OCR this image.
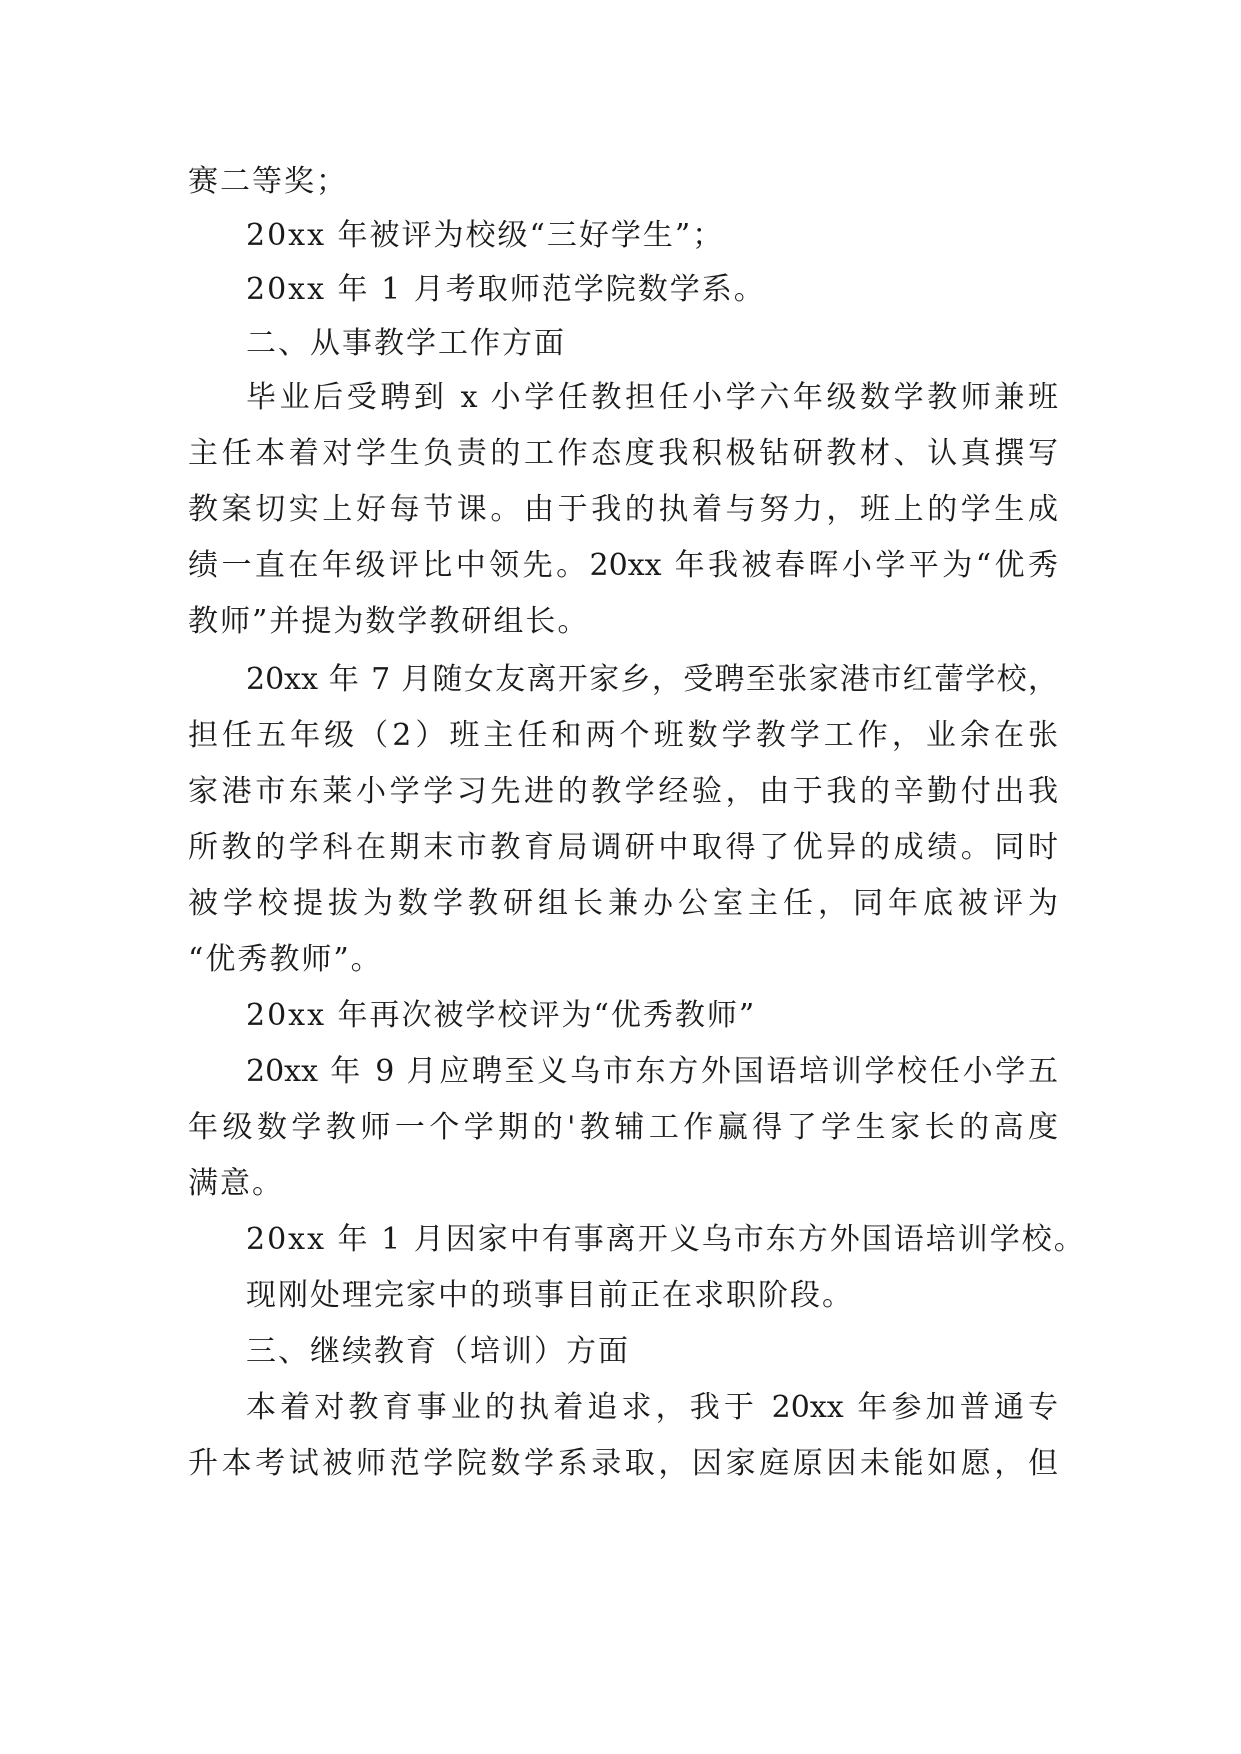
赛二等奖；
20xx 年被评为校级“三好学生”；
20xx 年 1 月考取师范学院数学系。
二、从事教学工作方面
毕业后受聘到 x 小学任教担任小学六年级数学教师兼班
主任本着对学生负责的工作态度我积极钻研教材、认真撰写
教案切实上好每节课。由于我的执着与努力，班上的学生成
绩一直在年级评比中领先。20xx 年我被春晖小学平为“优秀
教师”并提为数学教研组长。
20xx 年 7 月随女友离开家乡，受聘至张家港市红蕾学校，
担任五年级（2）班主任和两个班数学教学工作，业余在张
家港市东莱小学学习先进的教学经验，由于我的辛勤付出我
所教的学科在期末市教育局调研中取得了优异的成绩。同时
被学校提拔为数学教研组长兼办公室主任，同年底被评为
“优秀教师”。
20xx 年再次被学校评为“优秀教师”
20xx 年 9 月应聘至义乌市东方外国语培训学校任小学五
年级数学教师一个学期的'教辅工作赢得了学生家长的高度
满意。
20xx 年 1 月因家中有事离开义乌市东方外国语培训学校。
现刚处理完家中的琐事目前正在求职阶段。
三、继续教育（培训）方面
本着对教育事业的执着追求，我于 20xx 年参加普通专
升本考试被师范学院数学系录取，因家庭原因未能如愿，但
